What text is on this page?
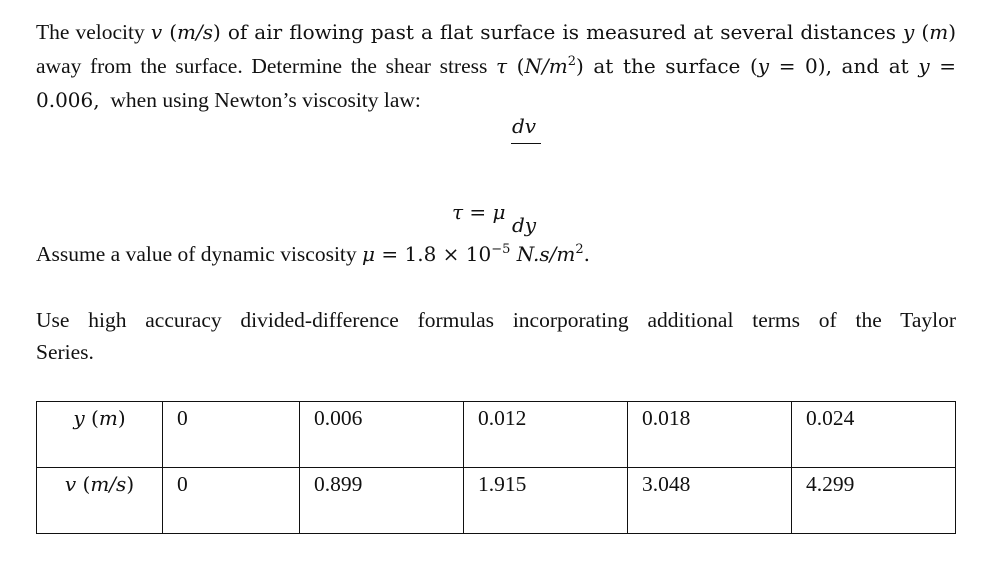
The velocity v (m/s) of air flowing past a flat surface is measured at several distances y (m)
away from the surface. Determine the shear stress τ $(N/m^2)$ at the surface (y = 0), and at y =
0.006,  when using Newton’s viscosity law:
dv
τ = μ
dy
Assume a value of dynamic viscosity $\mu = 1.8 \times 10^{-5}$ $N.s/m^2$.
Use high accuracy divided-difference formulas incorporating additional terms of the Taylor
Series.
y (m)	0	0.006	0.012	0.018	0.024
v (m/s)	0	0.899	1.915	3.048	4.299
